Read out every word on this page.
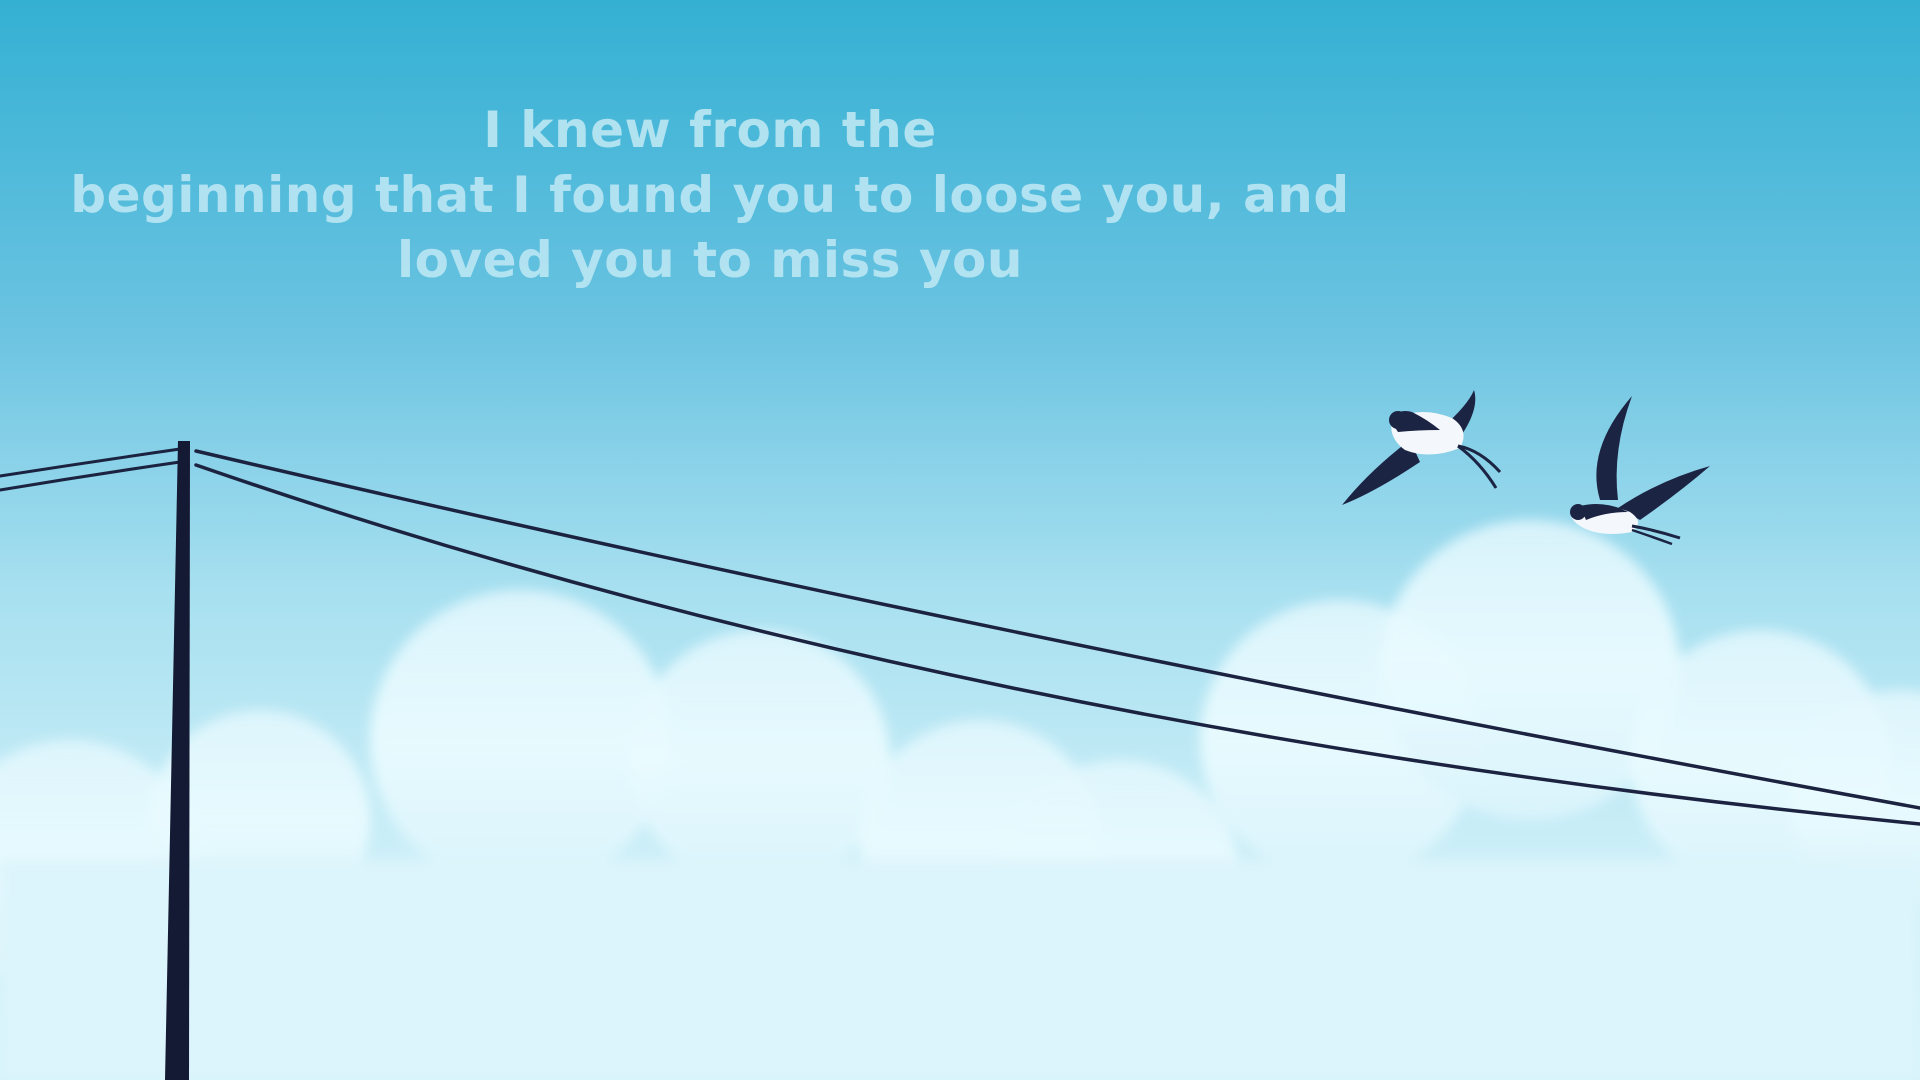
I knew from the
beginning that I found you to loose you, and
loved you to miss you
